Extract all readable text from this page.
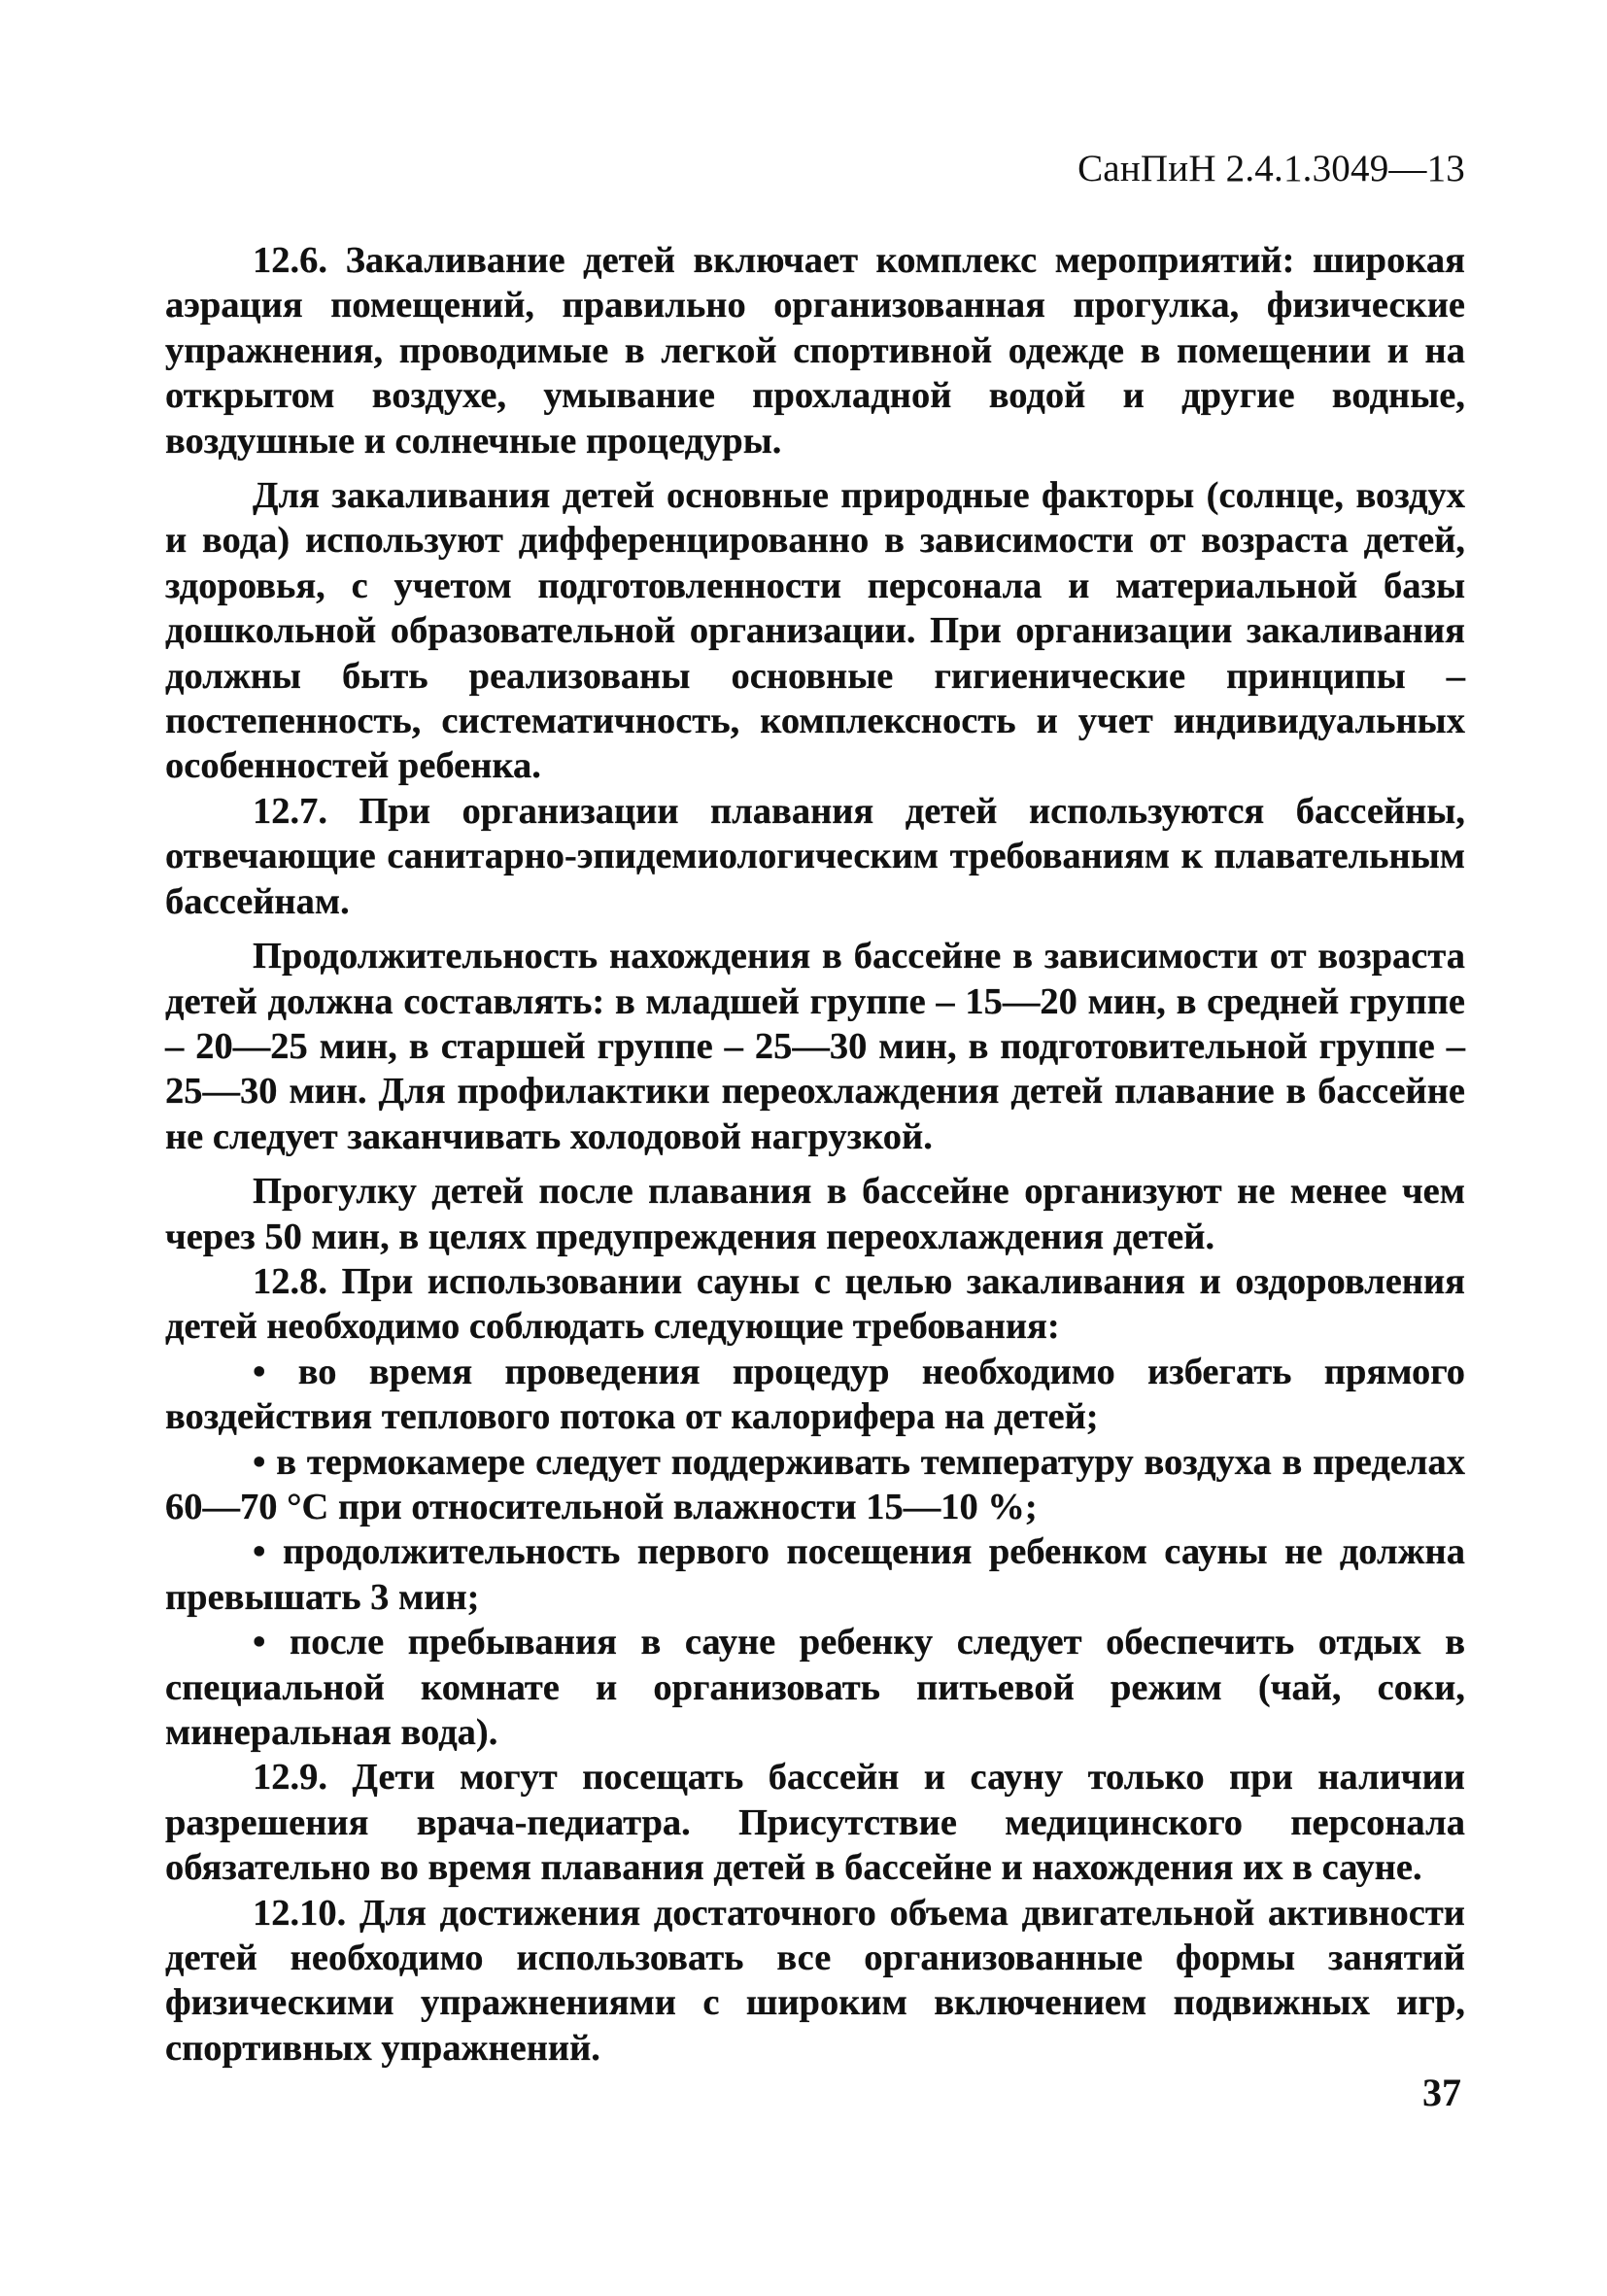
СанПиН 2.4.1.3049—13

12.6. Закаливание детей включает комплекс мероприятий: широкая аэрация помещений, правильно организованная прогулка, физические упражнения, проводимые в легкой спортивной одежде в помещении и на открытом воздухе, умывание прохладной водой и другие водные, воздушные и солнечные процедуры.

Для закаливания детей основные природные факторы (солнце, воздух и вода) используют дифференцированно в зависимости от возраста детей, здоровья, с учетом подготовленности персонала и материальной базы дошкольной образовательной организации. При организации закаливания должны быть реализованы основные гигиенические принципы – постепенность, систематичность, комплексность и учет индивидуальных особенностей ребенка.

12.7. При организации плавания детей используются бассейны, отвечающие санитарно-эпидемиологическим требованиям к плавательным бассейнам.

Продолжительность нахождения в бассейне в зависимости от возраста детей должна составлять: в младшей группе – 15—20 мин, в средней группе – 20—25 мин, в старшей группе – 25—30 мин, в подготовительной группе – 25—30 мин. Для профилактики переохлаждения детей плавание в бассейне не следует заканчивать холодовой нагрузкой.

Прогулку детей после плавания в бассейне организуют не менее чем через 50 мин, в целях предупреждения переохлаждения детей.

12.8. При использовании сауны с целью закаливания и оздоровления детей необходимо соблюдать следующие требования:

• во время проведения процедур необходимо избегать прямого воздействия теплового потока от калорифера на детей;

• в термокамере следует поддерживать температуру воздуха в пределах 60—70 °С при относительной влажности 15—10 %;

• продолжительность первого посещения ребенком сауны не должна превышать 3 мин;

• после пребывания в сауне ребенку следует обеспечить отдых в специальной комнате и организовать питьевой режим (чай, соки, минеральная вода).

12.9. Дети могут посещать бассейн и сауну только при наличии разрешения врача-педиатра. Присутствие медицинского персонала обязательно во время плавания детей в бассейне и нахождения их в сауне.

12.10. Для достижения достаточного объема двигательной активности детей необходимо использовать все организованные формы занятий физическими упражнениями с широким включением подвижных игр, спортивных упражнений.

37
